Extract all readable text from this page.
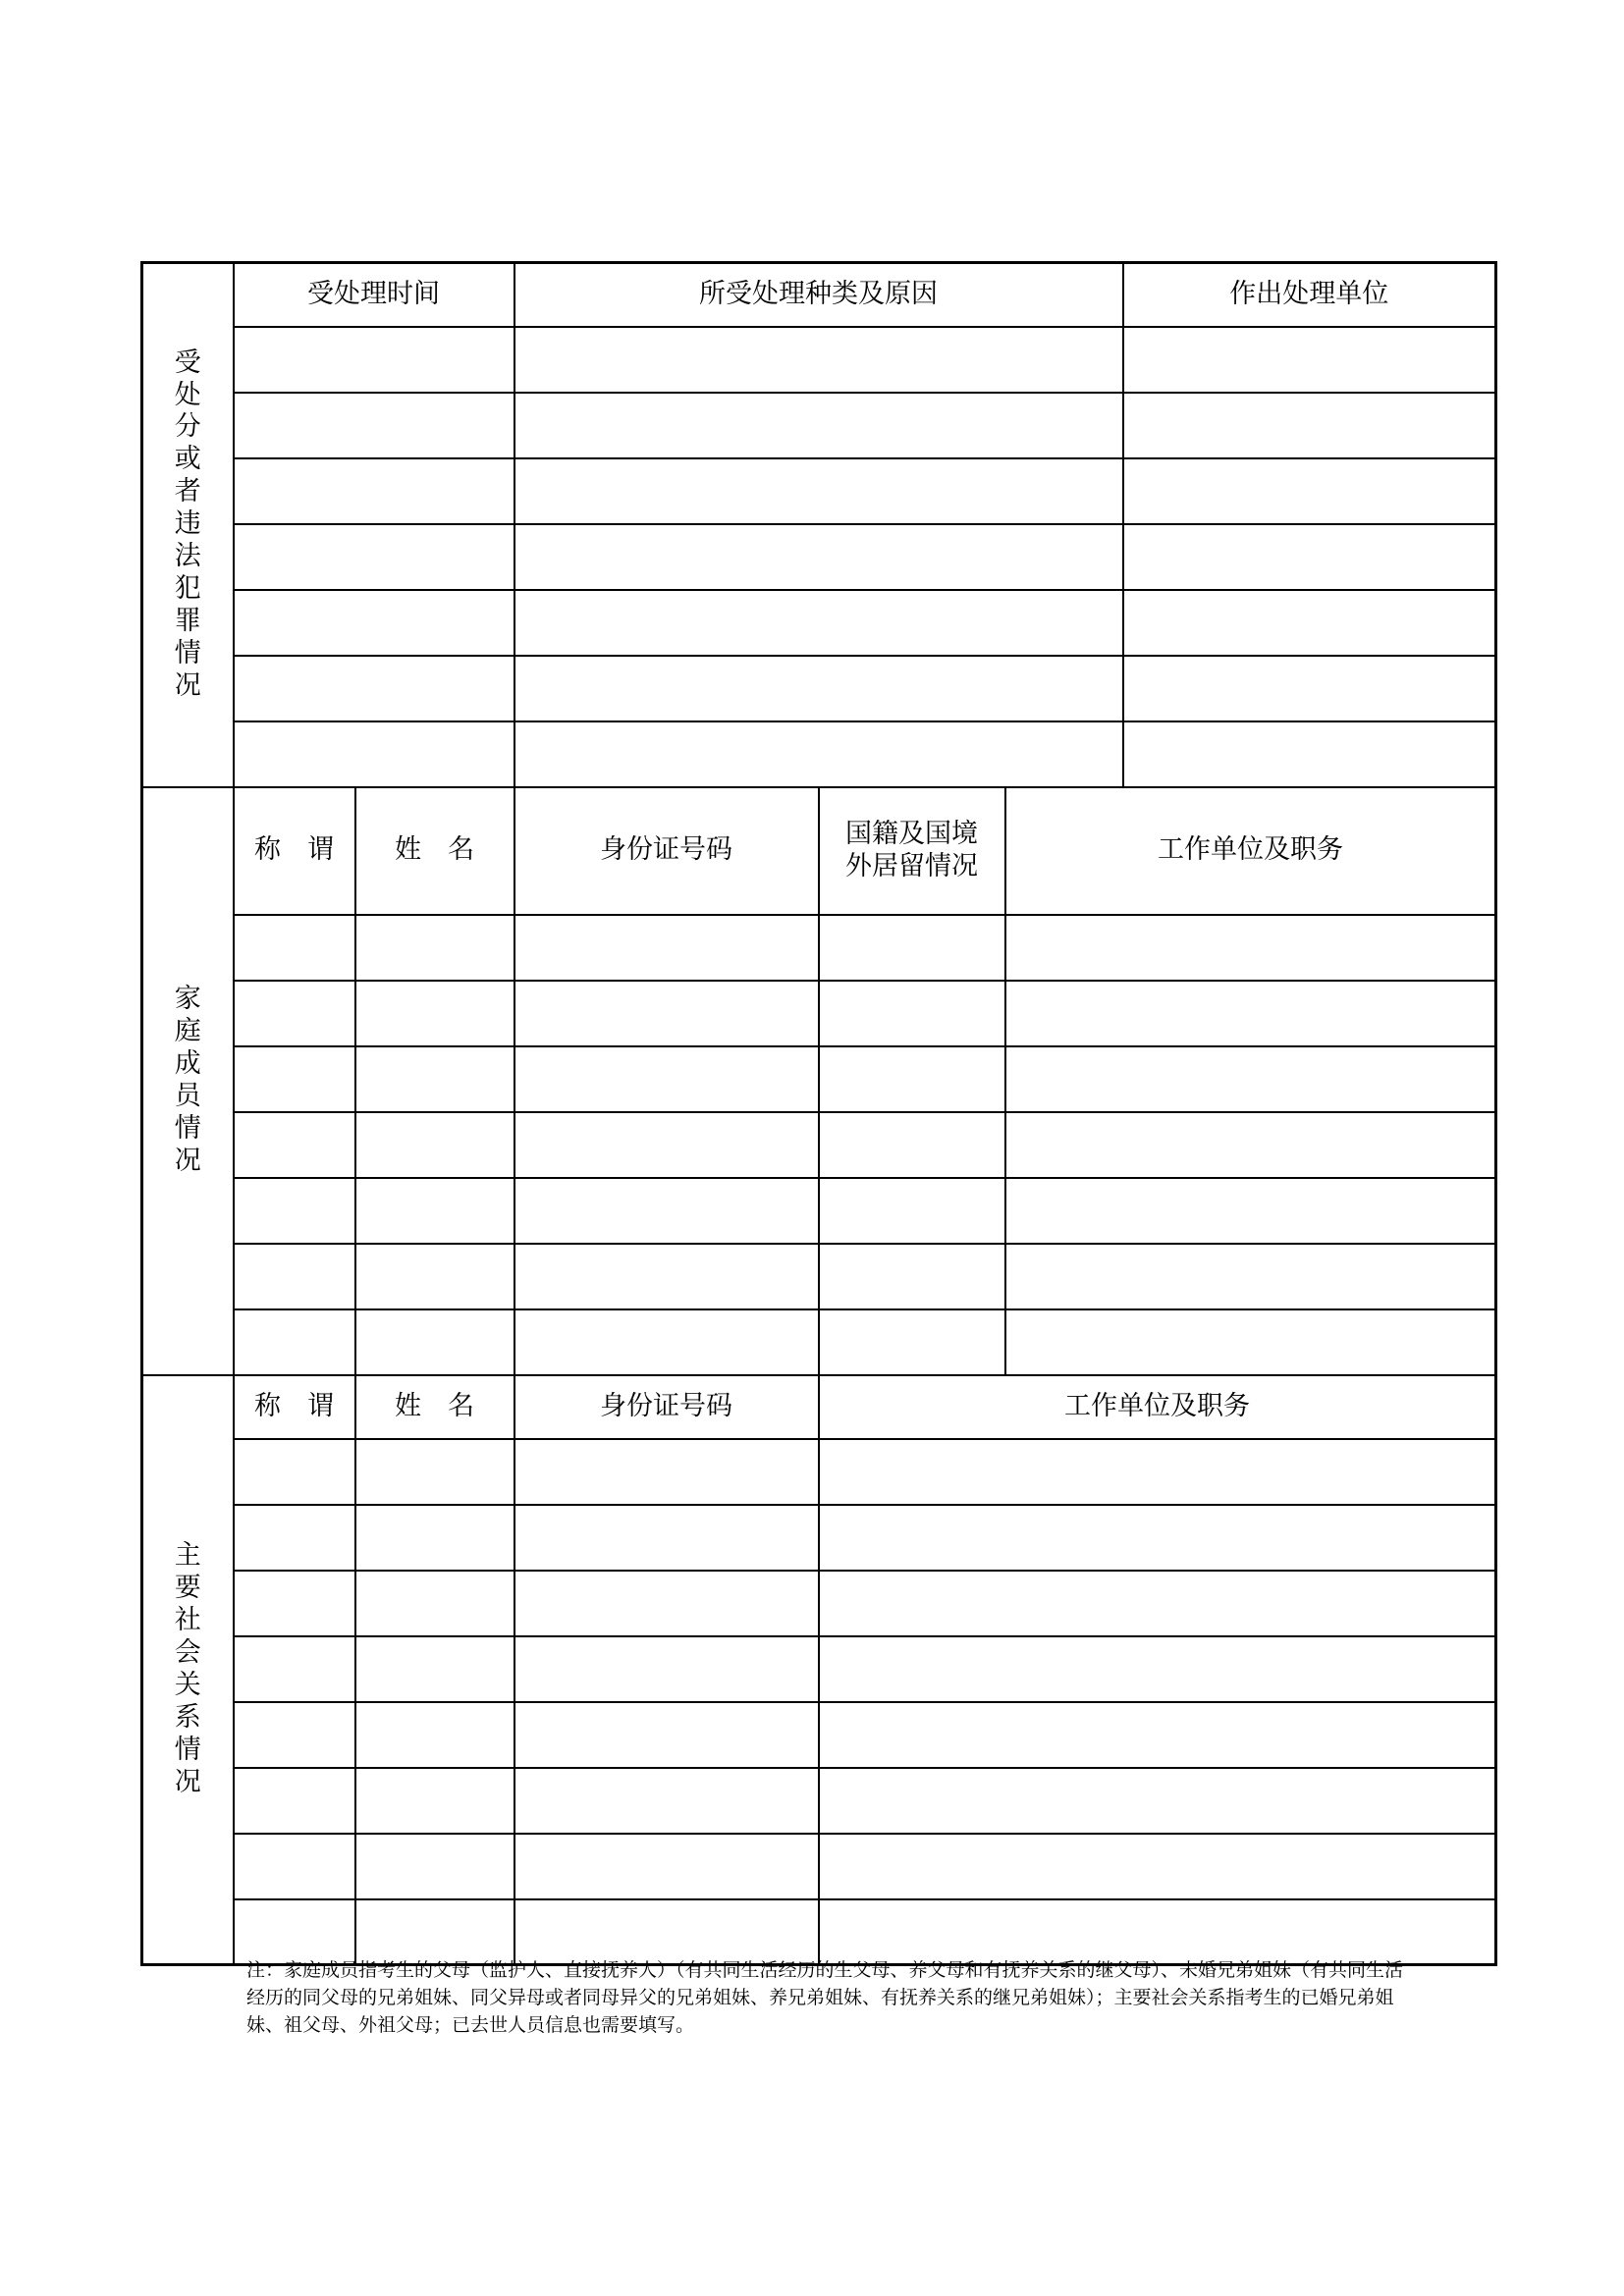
受处分或者违法犯罪情况	受处理时间		所受处理种类及原因			作出处理单位

家庭成员情况	称　谓	姓　名	身份证号码	国籍及国境
外居留情况	工作单位及职务	

主要社会关系情况	称　谓	姓　名	身份证号码	工作单位及职务		

注：家庭成员指考生的父母（监护人、直接抚养人）（有共同生活经历的生父母、养父母和有抚养关系的继父母）、未婚兄弟姐妹（有共同生活经历的同父母的兄弟姐妹、同父异母或者同母异父的兄弟姐妹、养兄弟姐妹、有抚养关系的继兄弟姐妹）；主要社会关系指考生的已婚兄弟姐妹、祖父母、外祖父母；已去世人员信息也需要填写。
